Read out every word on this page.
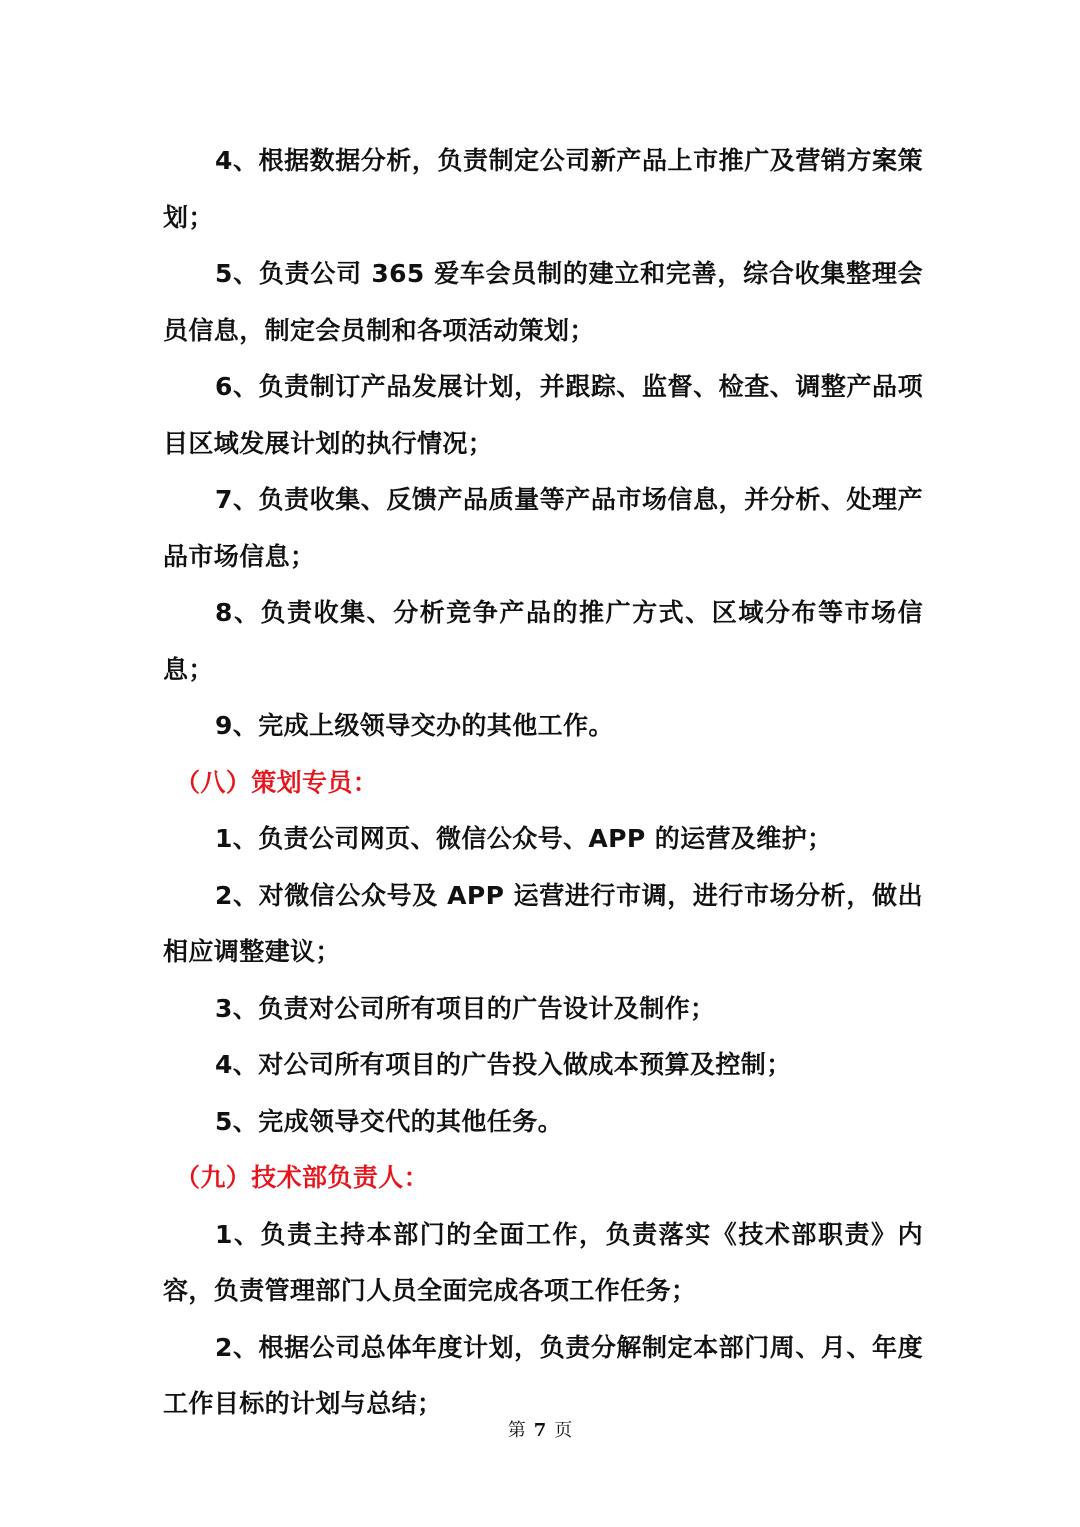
4、根据数据分析，负责制定公司新产品上市推广及营销方案策划；

5、负责公司 365 爱车会员制的建立和完善，综合收集整理会员信息，制定会员制和各项活动策划；

6、负责制订产品发展计划，并跟踪、监督、检查、调整产品项目区域发展计划的执行情况；

7、负责收集、反馈产品质量等产品市场信息，并分析、处理产品市场信息；

8、负责收集、分析竞争产品的推广方式、区域分布等市场信息；

9、完成上级领导交办的其他工作。

（八）策划专员：

1、负责公司网页、微信公众号、APP 的运营及维护；

2、对微信公众号及 APP 运营进行市调，进行市场分析，做出相应调整建议；

3、负责对公司所有项目的广告设计及制作；

4、对公司所有项目的广告投入做成本预算及控制；

5、完成领导交代的其他任务。

（九）技术部负责人：

1、负责主持本部门的全面工作，负责落实《技术部职责》内容，负责管理部门人员全面完成各项工作任务；

2、根据公司总体年度计划，负责分解制定本部门周、月、年度工作目标的计划与总结；

第 7 页
